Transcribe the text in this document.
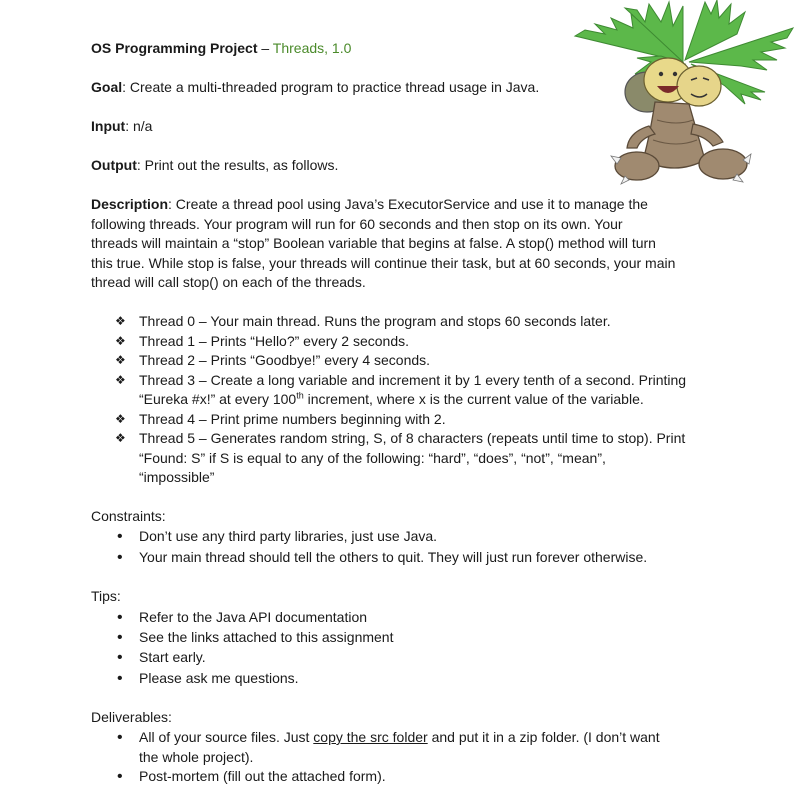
OS Programming Project – Threads, 1.0
Goal: Create a multi-threaded program to practice thread usage in Java.
Input: n/a
Output: Print out the results, as follows.
Description: Create a thread pool using Java’s ExecutorService and use it to manage the
following threads. Your program will run for 60 seconds and then stop on its own. Your
threads will maintain a “stop” Boolean variable that begins at false. A stop() method will turn
this true. While stop is false, your threads will continue their task, but at 60 seconds, your main
thread will call stop() on each of the threads.
❖ Thread 0 – Your main thread. Runs the program and stops 60 seconds later.
❖ Thread 1 – Prints “Hello?” every 2 seconds.
❖ Thread 2 – Prints “Goodbye!” every 4 seconds.
❖ Thread 3 – Create a long variable and increment it by 1 every tenth of a second. Printing
“Eureka #x!” at every 100th increment, where x is the current value of the variable.
❖ Thread 4 – Print prime numbers beginning with 2.
❖ Thread 5 – Generates random string, S, of 8 characters (repeats until time to stop). Print
“Found: S” if S is equal to any of the following: “hard”, “does”, “not”, “mean”,
“impossible”
Constraints:
• Don’t use any third party libraries, just use Java.
• Your main thread should tell the others to quit. They will just run forever otherwise.
Tips:
• Refer to the Java API documentation
• See the links attached to this assignment
• Start early.
• Please ask me questions.
Deliverables:
• All of your source files. Just copy the src folder and put it in a zip folder. (I don’t want
the whole project).
• Post-mortem (fill out the attached form).
